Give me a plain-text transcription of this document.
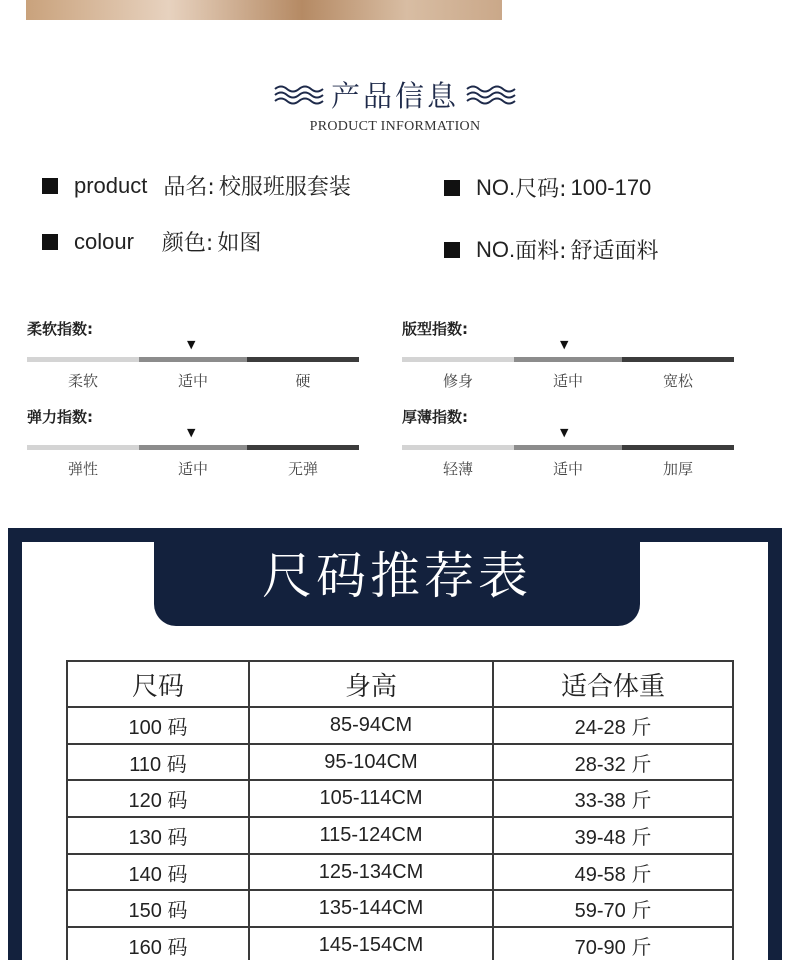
产品信息
PRODUCT INFORMATION
product 品名: 校服班服套装	NO. 尺码: 100-170
colour 颜色: 如图	NO. 面料: 舒适面料
柔软指数:
▼
柔软	适中	硬
版型指数:
▼
修身	适中	宽松
弹力指数:
▼
弹性	适中	无弹
厚薄指数:
▼
轻薄	适中	加厚
尺码推荐表
尺码	身高	适合体重
100 码	85-94CM	24-28 斤
110 码	95-104CM	28-32 斤
120 码	105-114CM	33-38 斤
130 码	115-124CM	39-48 斤
140 码	125-134CM	49-58 斤
150 码	135-144CM	59-70 斤
160 码	145-154CM	70-90 斤
